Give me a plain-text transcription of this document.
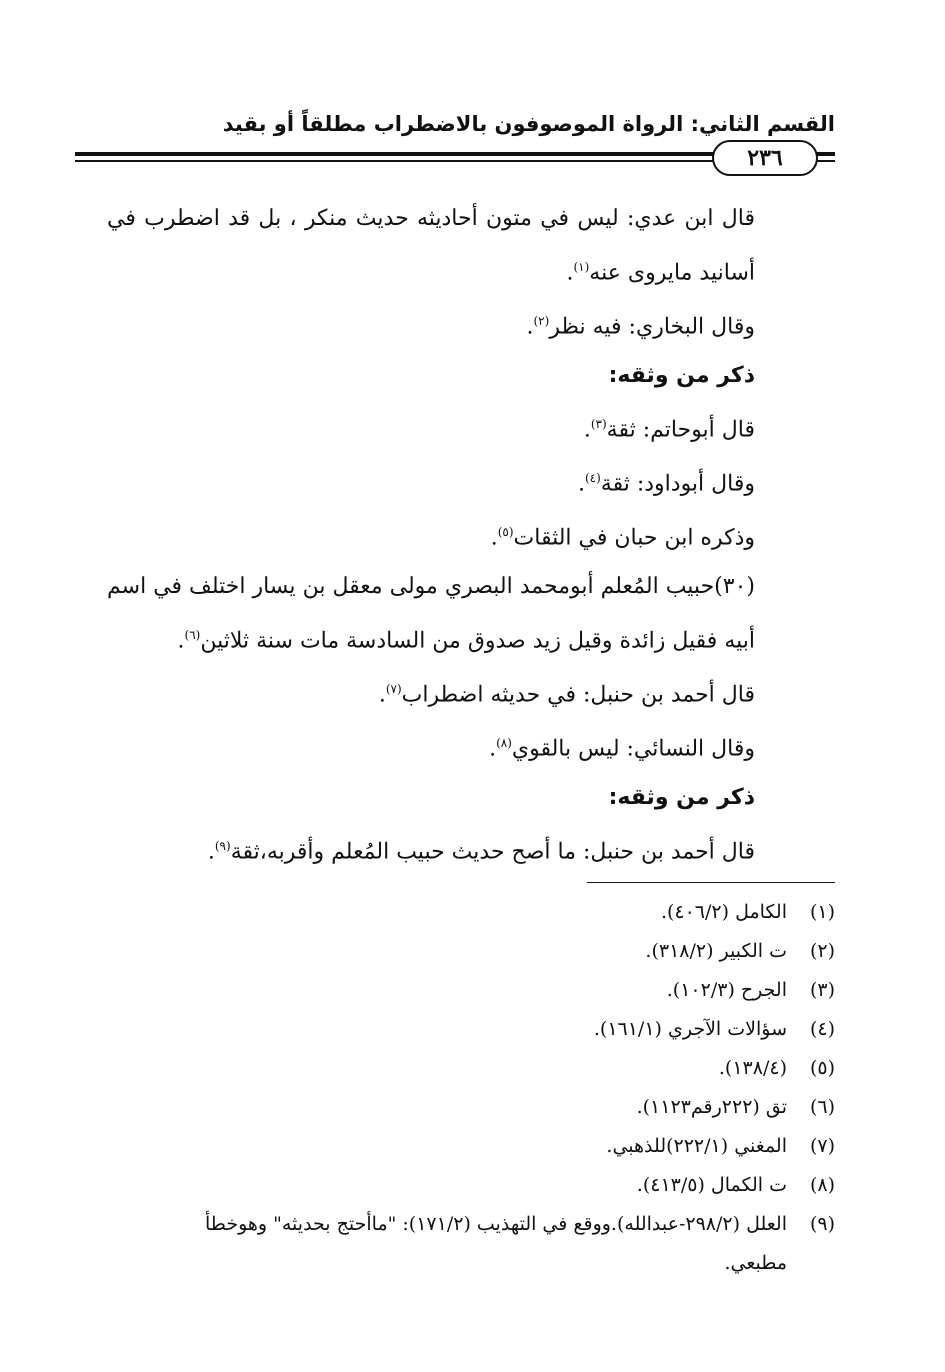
القسم الثاني: الرواة الموصوفون بالاضطراب مطلقاً أو بقيد
٢٣٦
قال ابن عدي: ليس في متون أحاديثه حديث منكر ، بل قد اضطرب في أسانيد مايروى عنه$^{(١)}$.
وقال البخاري: فيه نظر$^{(٢)}$.
ذكر من وثقه:
قال أبوحاتم: ثقة$^{(٣)}$.
وقال أبوداود: ثقة$^{(٤)}$.
وذكره ابن حبان في الثقات$^{(٥)}$.
(٣٠)حبيب المُعلم أبومحمد البصري مولى معقل بن يسار اختلف في اسم أبيه فقيل زائدة وقيل زيد صدوق من السادسة مات سنة ثلاثين$^{(٦)}$.
قال أحمد بن حنبل: في حديثه اضطراب$^{(٧)}$.
وقال النسائي: ليس بالقوي$^{(٨)}$.
ذكر من وثقه:
قال أحمد بن حنبل: ما أصح حديث حبيب المُعلم وأقربه،ثقة$^{(٩)}$.
(١)
الكامل (٤٠٦/٢).
(٢)
ت الكبير (٣١٨/٢).
(٣)
الجرح (١٠٢/٣).
(٤)
سؤالات الآجري (١٦١/١).
(٥)
(١٣٨/٤).
(٦)
تق (٢٢٢رقم١١٢٣).
(٧)
المغني (٢٢٢/١)للذهبي.
(٨)
ت الكمال (٤١٣/٥).
(٩)
العلل (٢٩٨/٢-عبدالله).ووقع في التهذيب (١٧١/٢): "ماأحتج بحديثه" وهوخطأ
مطبعي.
